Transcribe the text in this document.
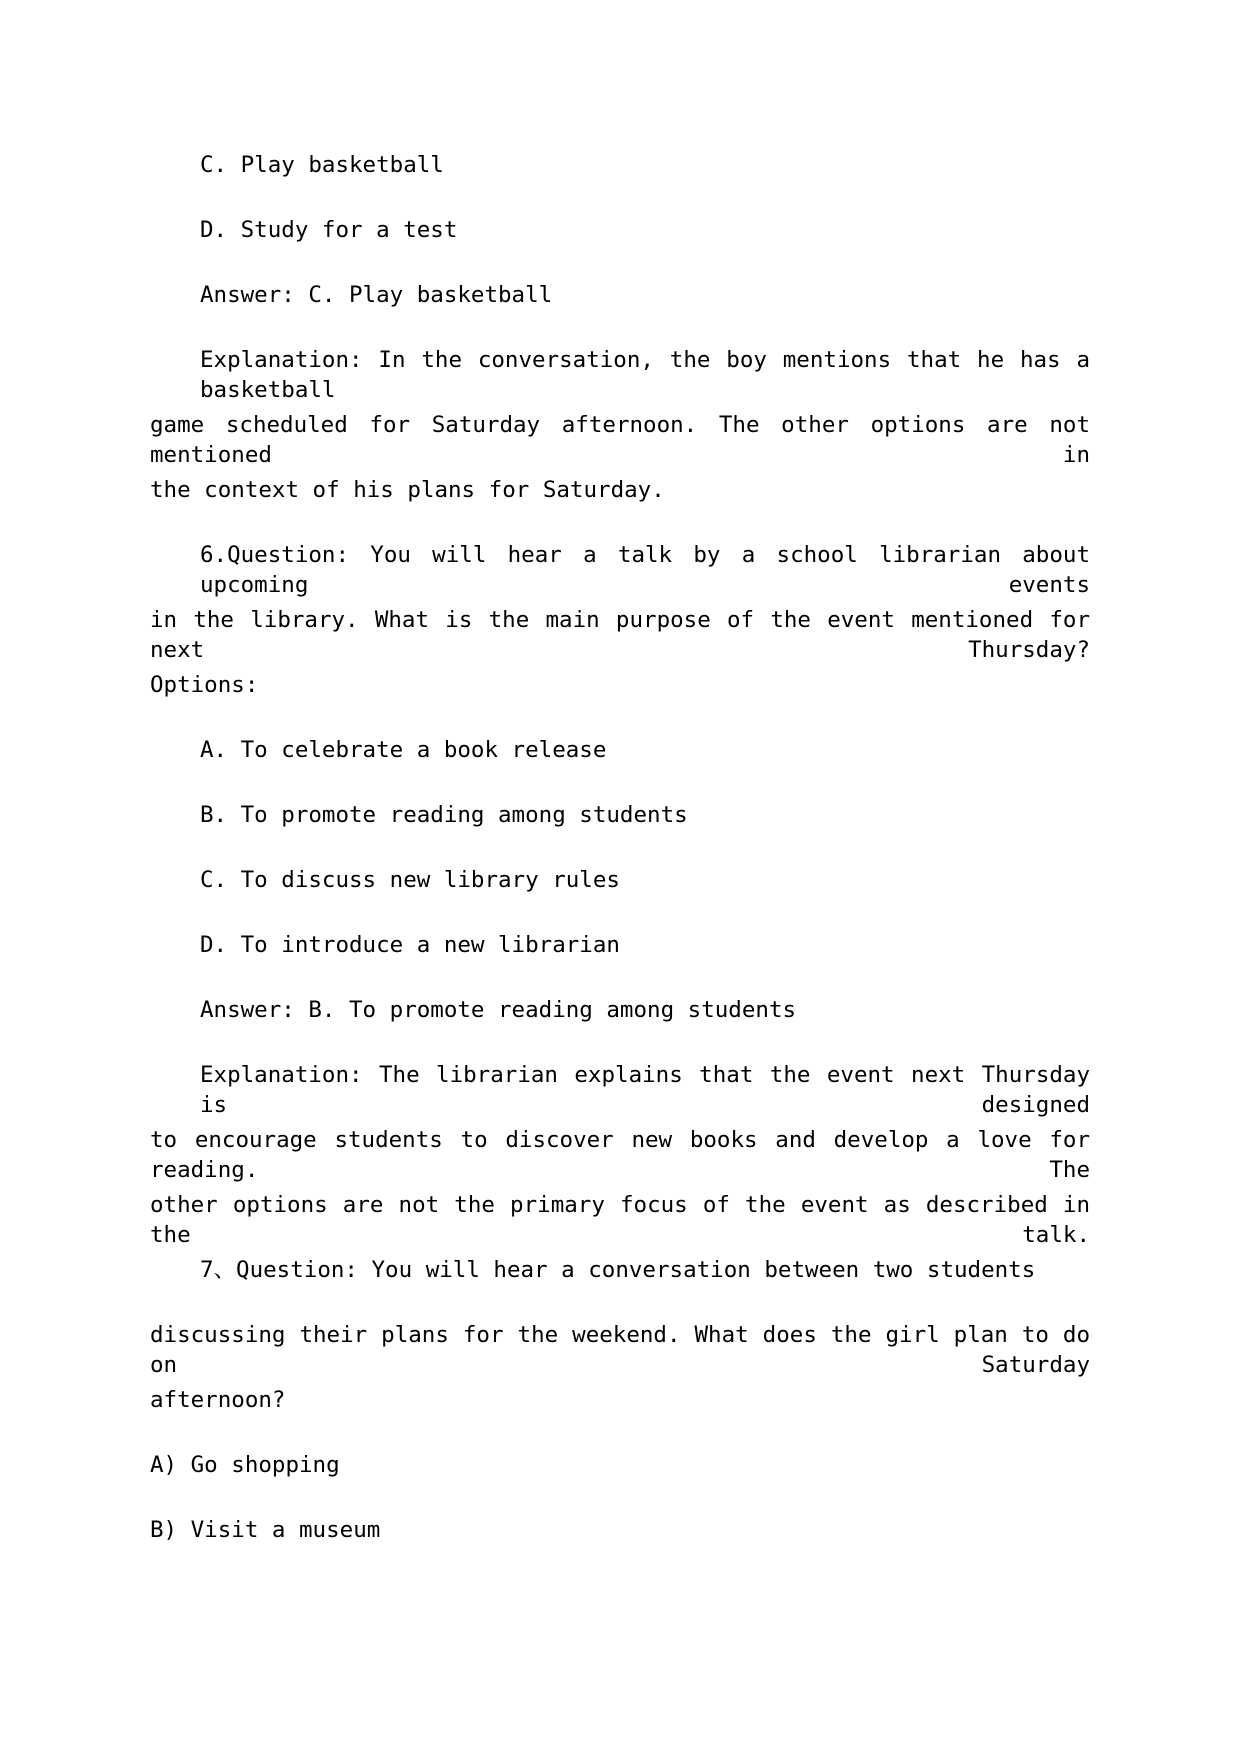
C. Play basketball

D. Study for a test

Answer: C. Play basketball

Explanation: In the conversation, the boy mentions that he has a basketball

game scheduled for Saturday afternoon. The other options are not mentioned in

the context of his plans for Saturday.

6.Question: You will hear a talk by a school librarian about upcoming events

in the library. What is the main purpose of the event mentioned for next Thursday?

Options:

A. To celebrate a book release

B. To promote reading among students

C. To discuss new library rules

D. To introduce a new librarian

Answer: B. To promote reading among students

Explanation: The librarian explains that the event next Thursday is designed

to encourage students to discover new books and develop a love for reading. The

other options are not the primary focus of the event as described in the talk.

7、Question: You will hear a conversation between two students

discussing their plans for the weekend. What does the girl plan to do on Saturday

afternoon?

A) Go shopping

B) Visit a museum
